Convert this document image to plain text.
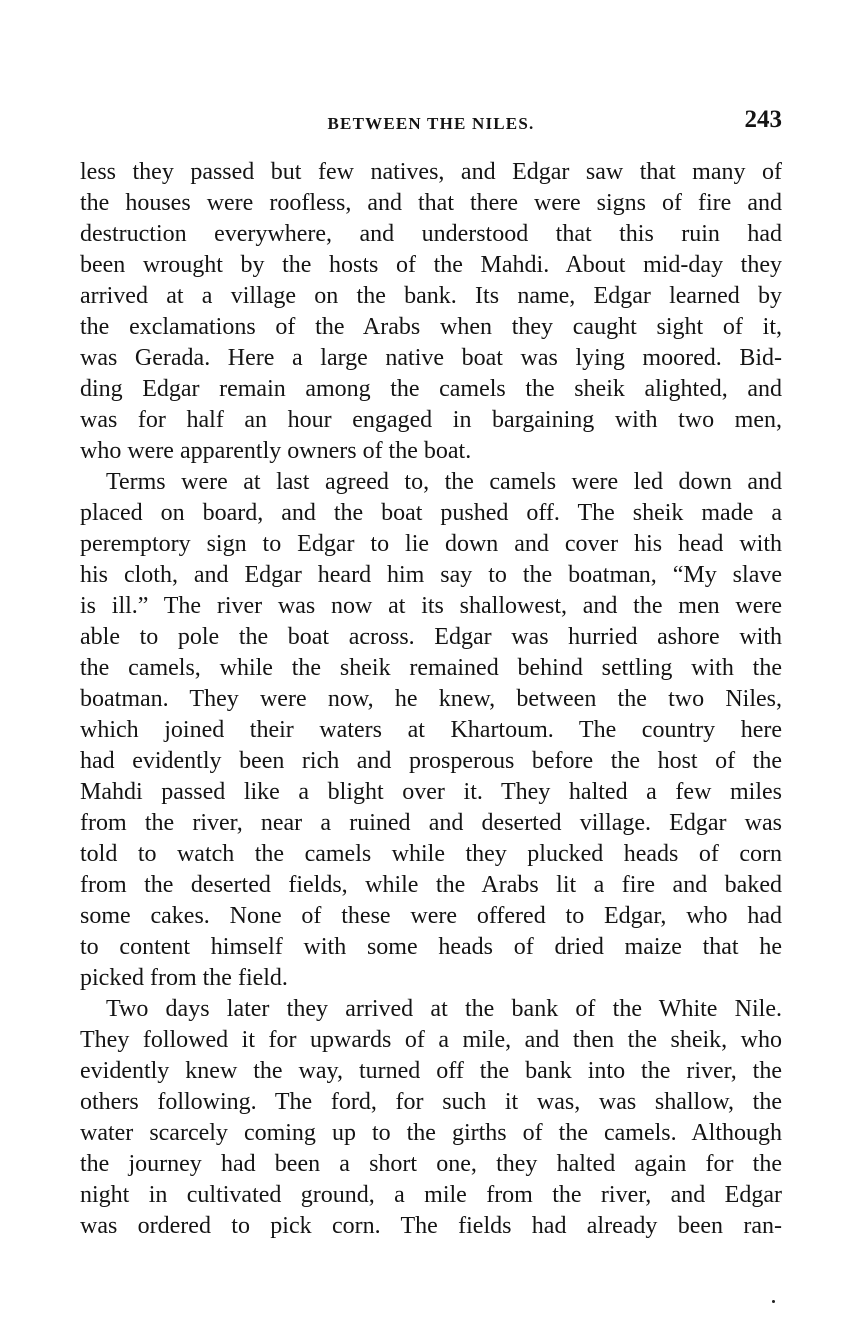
BETWEEN THE NILES.	243
less they passed but few natives, and Edgar saw that many of
the houses were roofless, and that there were signs of fire and
destruction everywhere, and understood that this ruin had
been wrought by the hosts of the Mahdi. About mid-day they
arrived at a village on the bank. Its name, Edgar learned by
the exclamations of the Arabs when they caught sight of it,
was Gerada. Here a large native boat was lying moored. Bid-
ding Edgar remain among the camels the sheik alighted, and
was for half an hour engaged in bargaining with two men,
who were apparently owners of the boat.
Terms were at last agreed to, the camels were led down and
placed on board, and the boat pushed off. The sheik made a
peremptory sign to Edgar to lie down and cover his head with
his cloth, and Edgar heard him say to the boatman, “My slave
is ill.” The river was now at its shallowest, and the men were
able to pole the boat across. Edgar was hurried ashore with
the camels, while the sheik remained behind settling with the
boatman. They were now, he knew, between the two Niles,
which joined their waters at Khartoum. The country here
had evidently been rich and prosperous before the host of the
Mahdi passed like a blight over it. They halted a few miles
from the river, near a ruined and deserted village. Edgar was
told to watch the camels while they plucked heads of corn
from the deserted fields, while the Arabs lit a fire and baked
some cakes. None of these were offered to Edgar, who had
to content himself with some heads of dried maize that he
picked from the field.
Two days later they arrived at the bank of the White Nile.
They followed it for upwards of a mile, and then the sheik, who
evidently knew the way, turned off the bank into the river, the
others following. The ford, for such it was, was shallow, the
water scarcely coming up to the girths of the camels. Although
the journey had been a short one, they halted again for the
night in cultivated ground, a mile from the river, and Edgar
was ordered to pick corn. The fields had already been ran-
